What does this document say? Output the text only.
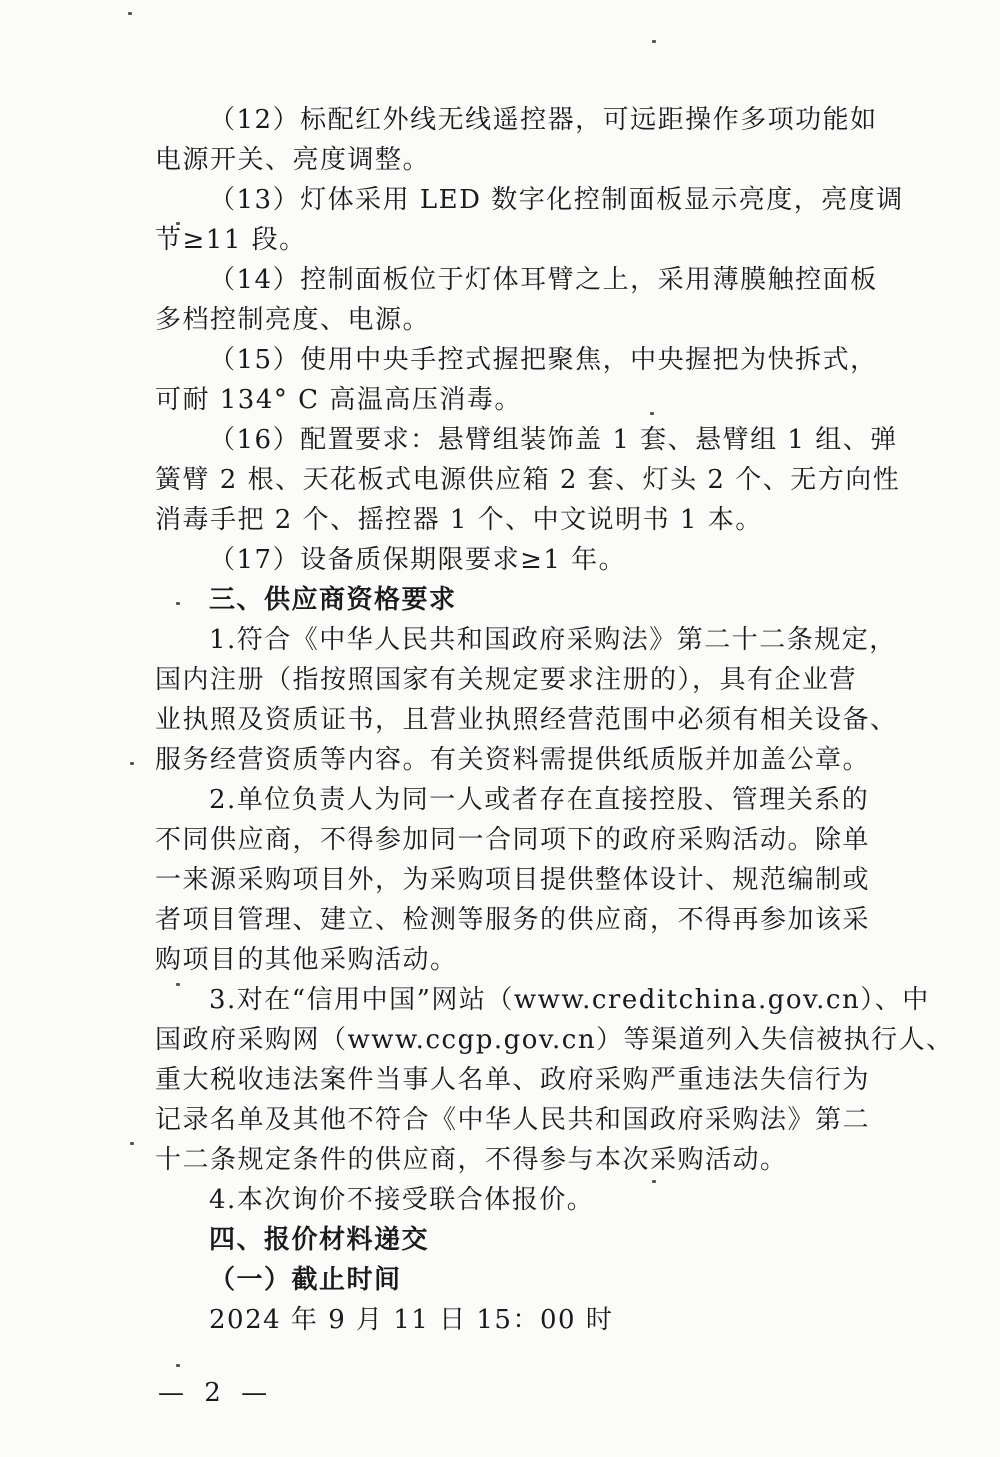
（12）标配红外线无线遥控器，可远距操作多项功能如
电源开关、亮度调整。
（13）灯体采用 LED 数字化控制面板显示亮度，亮度调
节≥11 段。
（14）控制面板位于灯体耳臂之上，采用薄膜触控面板
多档控制亮度、电源。
（15）使用中央手控式握把聚焦，中央握把为快拆式，
可耐 134° C 高温高压消毒。
（16）配置要求：悬臂组装饰盖 1 套、悬臂组 1 组、弹
簧臂 2 根、天花板式电源供应箱 2 套、灯头 2 个、无方向性
消毒手把 2 个、摇控器 1 个、中文说明书 1 本。
（17）设备质保期限要求≥1 年。
三、供应商资格要求
1.符合《中华人民共和国政府采购法》第二十二条规定，
国内注册（指按照国家有关规定要求注册的），具有企业营
业执照及资质证书，且营业执照经营范围中必须有相关设备、
服务经营资质等内容。有关资料需提供纸质版并加盖公章。
2.单位负责人为同一人或者存在直接控股、管理关系的
不同供应商，不得参加同一合同项下的政府采购活动。除单
一来源采购项目外，为采购项目提供整体设计、规范编制或
者项目管理、建立、检测等服务的供应商，不得再参加该采
购项目的其他采购活动。
3.对在“信用中国”网站（www.creditchina.gov.cn）、中
国政府采购网（www.ccgp.gov.cn）等渠道列入失信被执行人、
重大税收违法案件当事人名单、政府采购严重违法失信行为
记录名单及其他不符合《中华人民共和国政府采购法》第二
十二条规定条件的供应商，不得参与本次采购活动。
4.本次询价不接受联合体报价。
四、报价材料递交
（一）截止时间
2024 年 9 月 11 日 15：00 时
— 2 —
